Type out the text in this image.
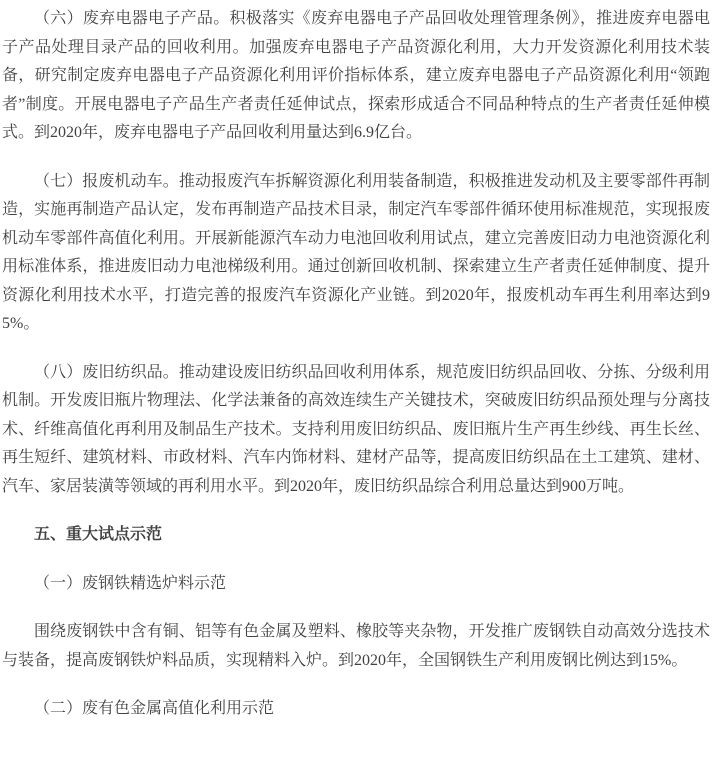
（六）废弃电器电子产品。积极落实《废弃电器电子产品回收处理管理条例》，推进废弃电器电子产品处理目录产品的回收利用。加强废弃电器电子产品资源化利用，大力开发资源化利用技术装备，研究制定废弃电器电子产品资源化利用评价指标体系，建立废弃电器电子产品资源化利用“领跑者”制度。开展电器电子产品生产者责任延伸试点，探索形成适合不同品种特点的生产者责任延伸模式。到2020年，废弃电器电子产品回收利用量达到6.9亿台。

（七）报废机动车。推动报废汽车拆解资源化利用装备制造，积极推进发动机及主要零部件再制造，实施再制造产品认定，发布再制造产品技术目录，制定汽车零部件循环使用标准规范，实现报废机动车零部件高值化利用。开展新能源汽车动力电池回收利用试点，建立完善废旧动力电池资源化利用标准体系，推进废旧动力电池梯级利用。通过创新回收机制、探索建立生产者责任延伸制度、提升资源化利用技术水平，打造完善的报废汽车资源化产业链。到2020年，报废机动车再生利用率达到95%。

（八）废旧纺织品。推动建设废旧纺织品回收利用体系，规范废旧纺织品回收、分拣、分级利用机制。开发废旧瓶片物理法、化学法兼备的高效连续生产关键技术，突破废旧纺织品预处理与分离技术、纤维高值化再利用及制品生产技术。支持利用废旧纺织品、废旧瓶片生产再生纱线、再生长丝、再生短纤、建筑材料、市政材料、汽车内饰材料、建材产品等，提高废旧纺织品在土工建筑、建材、汽车、家居装潢等领域的再利用水平。到2020年，废旧纺织品综合利用总量达到900万吨。

五、重大试点示范

（一）废钢铁精选炉料示范

围绕废钢铁中含有铜、铝等有色金属及塑料、橡胶等夹杂物，开发推广废钢铁自动高效分选技术与装备，提高废钢铁炉料品质，实现精料入炉。到2020年，全国钢铁生产利用废钢比例达到15%。

（二）废有色金属高值化利用示范
